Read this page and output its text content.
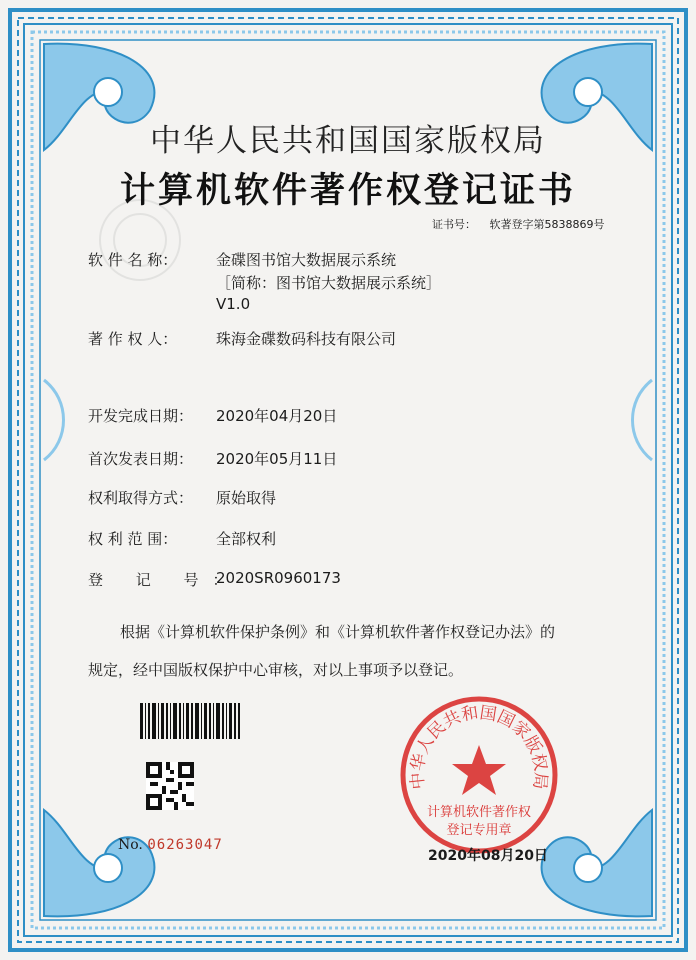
中华人民共和国国家版权局
计算机软件著作权登记证书
证书号： 软著登字第5838869号
软 件 名 称：	金碟图书馆大数据展示系统
［简称：图书馆大数据展示系统］
V1.0
著 作 权 人：	珠海金碟数码科技有限公司
开发完成日期： 2020年04月20日
首次发表日期： 2020年05月11日
权利取得方式： 原始取得
权 利 范 围：	全部权利
登 记 号：
2020SR0960173
根据《计算机软件保护条例》和《计算机软件著作权登记办法》的
规定，经中国版权保护中心审核，对以上事项予以登记。
No. 06263047
中华人民共和国国家版权局
计算机软件著作权
登记专用章
2020年08月20日
